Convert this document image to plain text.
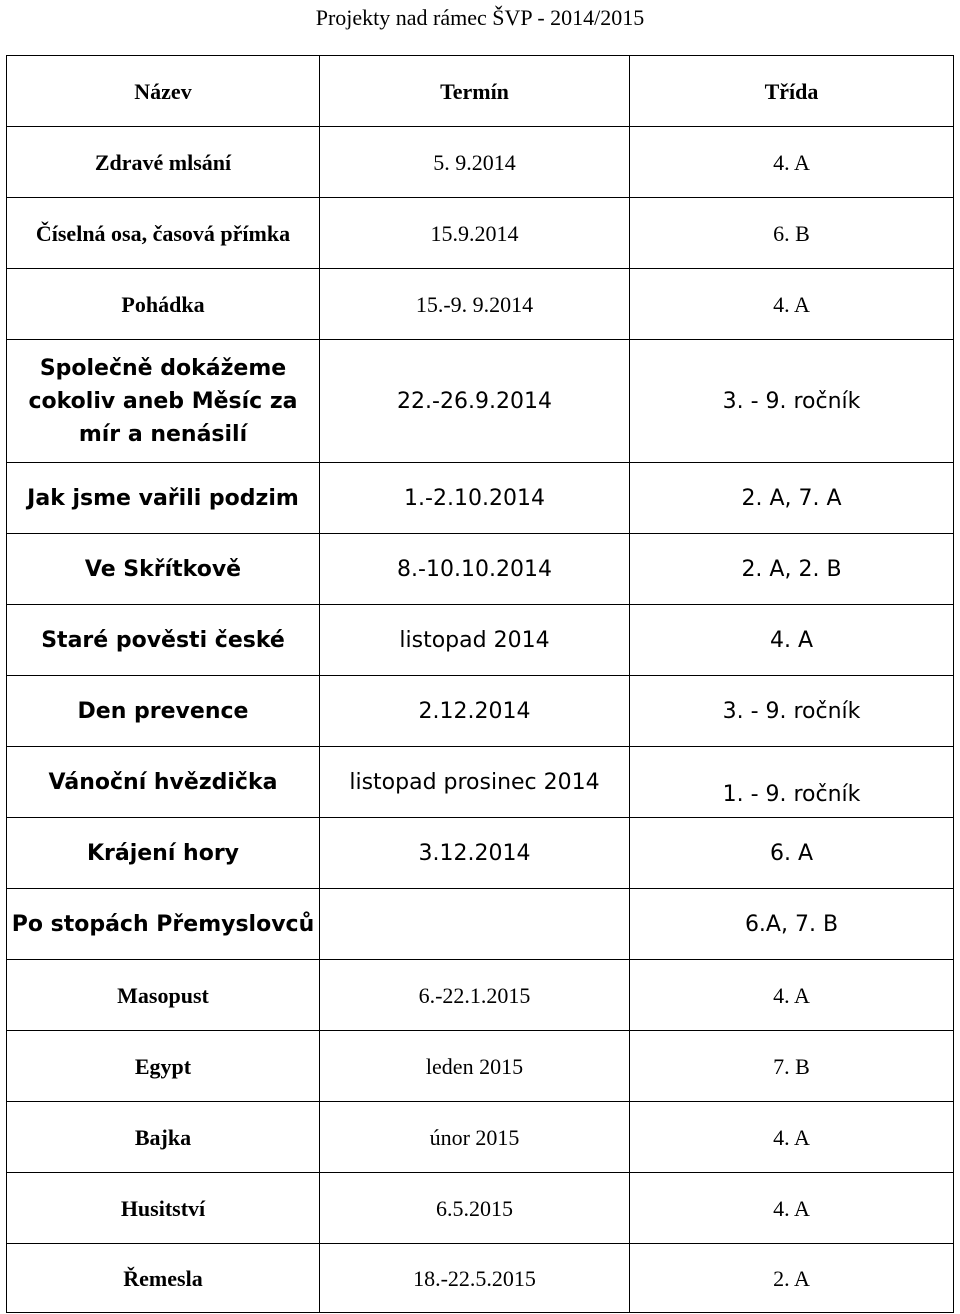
Projekty nad rámec ŠVP - 2014/2015
Název	Termín	Třída
Zdravé mlsání	5. 9.2014	4. A
Číselná osa, časová přímka	15.9.2014	6. B
Pohádka	15.-9. 9.2014	4. A
Společně dokážeme cokoliv aneb Měsíc za mír a nenásilí	22.-26.9.2014	3. - 9. ročník
Jak jsme vařili podzim	1.-2.10.2014	2. A, 7. A
Ve Skřítkově	8.-10.10.2014	2. A, 2. B
Staré pověsti české	listopad 2014	4. A
Den prevence	2.12.2014	3. - 9. ročník
Vánoční hvězdička	listopad prosinec 2014	1. - 9. ročník
Krájení hory	3.12.2014	6. A
Po stopách Přemyslovců		6.A, 7. B
Masopust	6.-22.1.2015	4. A
Egypt	leden 2015	7. B
Bajka	únor 2015	4. A
Husitství	6.5.2015	4. A
Řemesla	18.-22.5.2015	2. A
